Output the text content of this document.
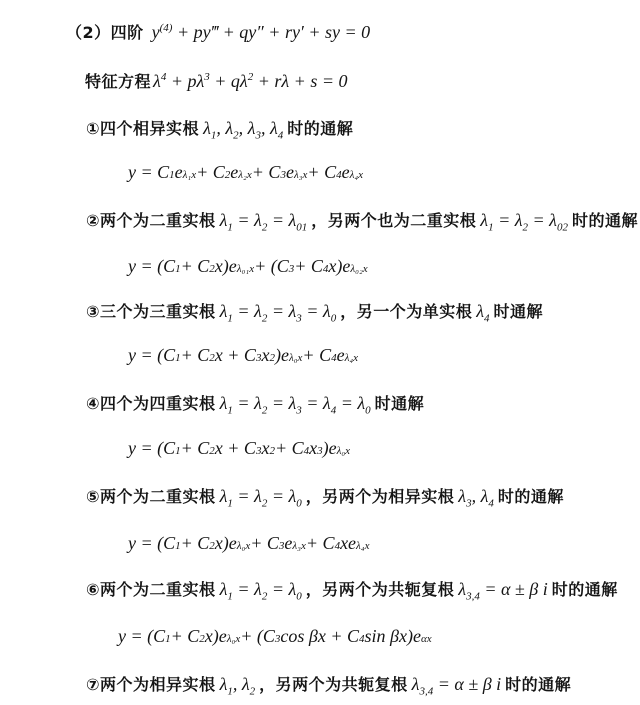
（2）四阶 $y^{(4)}$ + py‴ + qy″ + ry′ + sy = 0
特征方程 $\lambda^4 + p\lambda^3 + q\lambda^2 + r\lambda + s = 0$
①四个相异实根 $\lambda_1$, $\lambda_2$, $\lambda_3$, $\lambda_4$ 时的通解
y = C 1 e λ₁x + C 2 e λ₂x + C 3 e λ₃x + C 4 e λ₄x
②两个为二重实根 $\lambda_1 = \lambda_2 = \lambda_{01}$ ，另两个也为二重实根 $\lambda_1 = \lambda_2 = \lambda_{02}$ 时的通解
y = (C 1 + C 2 x)e λ₀₁x + (C 3 + C 4 x)e λ₀₂x
③三个为三重实根 $\lambda_1 = \lambda_2 = \lambda_3 = \lambda_0$ ，另一个为单实根 $\lambda_4$ 时通解
y = (C 1 + C 2 x + C 3 x 2 )e λ₀x + C 4 e λ₄x
④四个为四重实根 $\lambda_1 = \lambda_2 = \lambda_3 = \lambda_4 = \lambda_0$ 时通解
y = (C 1 + C 2 x + C 3 x 2 + C 4 x 3 )e λ₀x
⑤两个为二重实根 $\lambda_1 = \lambda_2 = \lambda_0$ ，另两个为相异实根 $\lambda_3$, $\lambda_4$ 时的通解
y = (C 1 + C 2 x)e λ₀x + C 3 e λ₃x + C 4 xe λ₄x
⑥两个为二重实根 $\lambda_1 = \lambda_2 = \lambda_0$ ，另两个为共轭复根 $\lambda_{3,4} = \alpha \pm \beta$ i 时的通解
y = (C 1 + C 2 x)e λ₀x + (C 3 cos βx + C 4 sin βx)e αx
⑦两个为相异实根 $\lambda_1$, $\lambda_2$ ，另两个为共轭复根 $\lambda_{3,4} = \alpha \pm \beta$ i 时的通解
